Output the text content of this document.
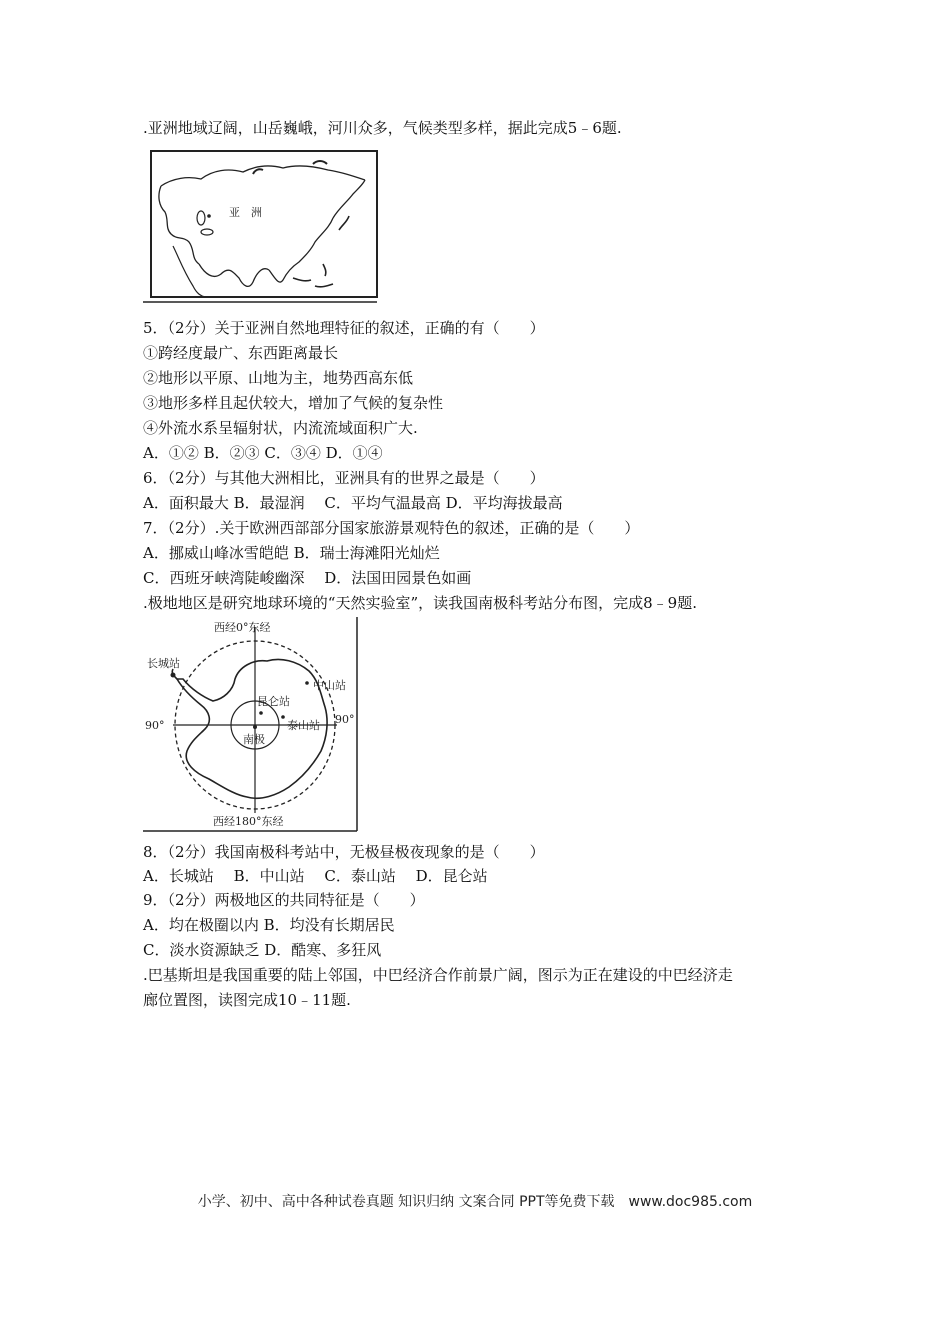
.亚洲地域辽阔，山岳巍峨，河川众多，气候类型多样，据此完成5﹣6题.
亚　洲
5．（2分）关于亚洲自然地理特征的叙述，正确的有（　　）
①跨经度最广、东西距离最长
②地形以平原、山地为主，地势西高东低
③地形多样且起伏较大，增加了气候的复杂性
④外流水系呈辐射状，内流流域面积广大.
A．①② B．②③ C．③④ D．①④
6．（2分）与其他大洲相比，亚洲具有的世界之最是（　　）
A．面积最大 B．最湿润　 C．平均气温最高 D．平均海拔最高
7．（2分）.关于欧洲西部部分国家旅游景观特色的叙述，正确的是（　　）
A．挪威山峰冰雪皑皑 B．瑞士海滩阳光灿烂
C．西班牙峡湾陡峻幽深　 D．法国田园景色如画
.极地地区是研究地球环境的“天然实验室”，读我国南极科考站分布图，完成8﹣9题.
西经0°东经
西经180°东经
90°	90°
长城站
中山站
昆仑站
泰山站
南极
8．（2分）我国南极科考站中，无极昼极夜现象的是（　　）
A．长城站　 B．中山站　 C．泰山站　 D．昆仑站
9．（2分）两极地区的共同特征是（　　）
A．均在极圈以内 B．均没有长期居民
C．淡水资源缺乏 D．酷寒、多狂风
.巴基斯坦是我国重要的陆上邻国，中巴经济合作前景广阔，图示为正在建设的中巴经济走
廊位置图，读图完成10﹣11题.
小学、初中、高中各种试卷真题 知识归纳 文案合同 PPT等免费下载　www.doc985.com
